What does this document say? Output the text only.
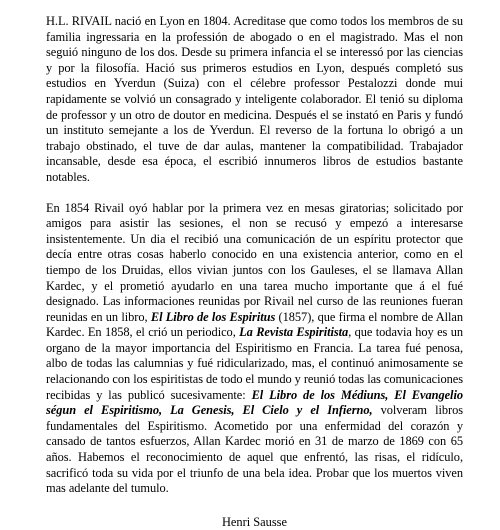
H.L. RIVAIL nació en Lyon en 1804. Acreditase que como todos los membros de su familia ingressaria en la professión de abogado o en el magistrado. Mas el non seguió ninguno de los dos. Desde su primera infancia el se interessó por las ciencias y por la filosofía. Hació sus primeros estudios en Lyon, después completó sus estudios en Yverdun (Suiza) con el célebre professor Pestalozzi donde mui rapidamente se volvió un consagrado y inteligente colaborador. El tenió su diploma de professor y un otro de doutor en medicina. Después el se instató en Paris y fundó un instituto semejante a los de Yverdun. El reverso de la fortuna lo obrigó a un trabajo obstinado, el tuve de dar aulas, mantener la compatibilidad. Trabajador incansable, desde esa época, el escribió innumeros libros de estudios bastante notables.

En 1854 Rivail oyó hablar por la primera vez en mesas giratorias; solicitado por amigos para asistir las sesiones, el non se recusó y empezó a interesarse insistentemente. Un dia el recibió una comunicación de un espíritu protector que decía entre otras cosas haberlo conocido en una existencia anterior, como en el tiempo de los Druidas, ellos vivian juntos con los Gauleses, el se llamava Allan Kardec, y el prometió ayudarlo en una tarea mucho importante que á el fué designado. Las informaciones reunidas por Rivail nel curso de las reuniones fueran reunidas en un libro, El Libro de los Espiritus (1857), que firma el nombre de Allan Kardec. En 1858, el crió un periodico, La Revista Espiritista, que todavia hoy es un organo de la mayor importancia del Espiritismo en Francia. La tarea fué penosa, albo de todas las calumnias y fué ridicularizado, mas, el continuó animosamente se relacionando con los espiritistas de todo el mundo y reunió todas las comunicaciones recibidas y las publicó sucesivamente: El Libro de los Médiuns, El Evangelio ségun el Espiritismo, La Genesis, El Cielo y el Infierno, volveram libros fundamentales del Espiritismo. Acometido por una enfermidad del corazón y cansado de tantos esfuerzos, Allan Kardec morió en 31 de marzo de 1869 con 65 años. Habemos el reconocimiento de aquel que enfrentó, las risas, el ridículo, sacrificó toda su vida por el triunfo de una bela idea. Probar que los muertos viven mas adelante del tumulo.

Henri Sausse
